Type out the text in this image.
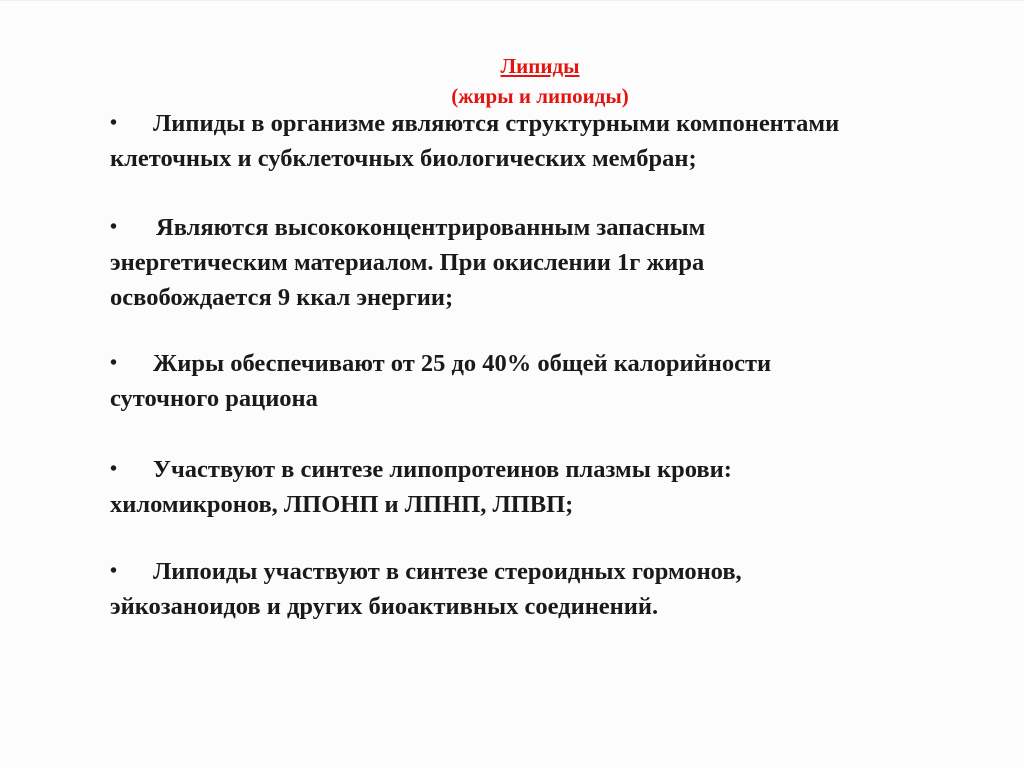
Липиды
(жиры и липоиды)
• Липиды в организме являются структурными компонентами
клеточных и субклеточных биологических мембран;
• Являются высококонцентрированным запасным
энергетическим материалом. При окислении 1г жира
освобождается 9 ккал энергии;
• Жиры обеспечивают от 25 до 40% общей калорийности
суточного рациона
• Участвуют в синтезе липопротеинов плазмы крови:
хиломикронов, ЛПОНП и ЛПНП, ЛПВП;
• Липоиды участвуют в синтезе стероидных гормонов,
эйкозаноидов и других биоактивных соединений.
